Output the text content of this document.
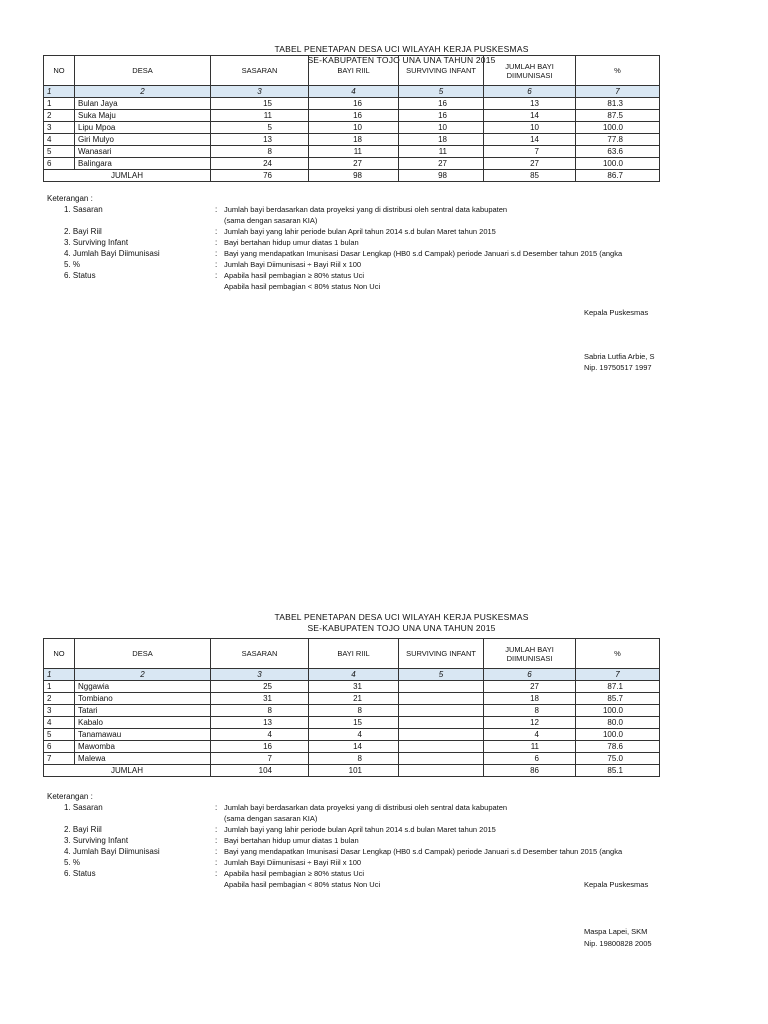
TABEL PENETAPAN DESA UCI WILAYAH KERJA PUSKESMAS
SE-KABUPATEN TOJO UNA UNA TAHUN 2015
NO	DESA	SASARAN	BAYI RIIL	SURVIVING INFANT	JUMLAH BAYI DIIMUNISASI	%
1	2	3	4	5	6	7
1	Bulan Jaya	15	16	16	13	81.3
2	Suka Maju	11	16	16	14	87.5
3	Lipu Mpoa	5	10	10	10	100.0
4	Giri Mulyo	13	18	18	14	77.8
5	Wanasari	8	11	11	7	63.6
6	Balingara	24	27	27	27	100.0
JUMLAH		76	98	98	85	86.7
Keterangan :
1. Sasaran	: Jumlah bayi berdasarkan data proyeksi yang di distribusi oleh sentral data kabupaten
(sama dengan sasaran KIA)
2. Bayi Riil	: Jumlah bayi yang lahir periode bulan April tahun 2014 s.d bulan Maret tahun 2015
3. Surviving Infant	: Bayi bertahan hidup umur diatas 1 bulan
4. Jumlah Bayi Diimunisasi	: Bayi yang mendapatkan Imunisasi Dasar Lengkap (HB0 s.d Campak) periode Januari s.d Desember tahun 2015 (angka
5. %	: Jumlah Bayi Diimunisasi ÷ Bayi Riil x 100
6. Status	: Apabila hasil pembagian ≥ 80% status Uci
Apabila hasil pembagian < 80% status Non Uci
Kepala Puskesmas
Sabria Lutfia Arbie, S
Nip. 19750517 1997
TABEL PENETAPAN DESA UCI WILAYAH KERJA PUSKESMAS
SE-KABUPATEN TOJO UNA UNA TAHUN 2015
NO	DESA	SASARAN	BAYI RIIL	SURVIVING INFANT	JUMLAH BAYI DIIMUNISASI	%
1	2	3	4	5	6	7
1	Nggawia	25	31		27	87.1
2	Tombiano	31	21		18	85.7
3	Tatari	8	8		8	100.0
4	Kabalo	13	15		12	80.0
5	Tanamawau	4	4		4	100.0
6	Mawomba	16	14		11	78.6
7	Malewa	7	8		6	75.0
JUMLAH		104	101		86	85.1
Keterangan :
1. Sasaran	: Jumlah bayi berdasarkan data proyeksi yang di distribusi oleh sentral data kabupaten
(sama dengan sasaran KIA)
2. Bayi Riil	: Jumlah bayi yang lahir periode bulan April tahun 2014 s.d bulan Maret tahun 2015
3. Surviving Infant	: Bayi bertahan hidup umur diatas 1 bulan
4. Jumlah Bayi Diimunisasi	: Bayi yang mendapatkan Imunisasi Dasar Lengkap (HB0 s.d Campak) periode Januari s.d Desember tahun 2015 (angka
5. %	: Jumlah Bayi Diimunisasi ÷ Bayi Riil x 100
6. Status	: Apabila hasil pembagian ≥ 80% status Uci
Apabila hasil pembagian < 80% status Non Uci	Kepala Puskesmas
Maspa Lapei, SKM
Nip. 19800828 2005
